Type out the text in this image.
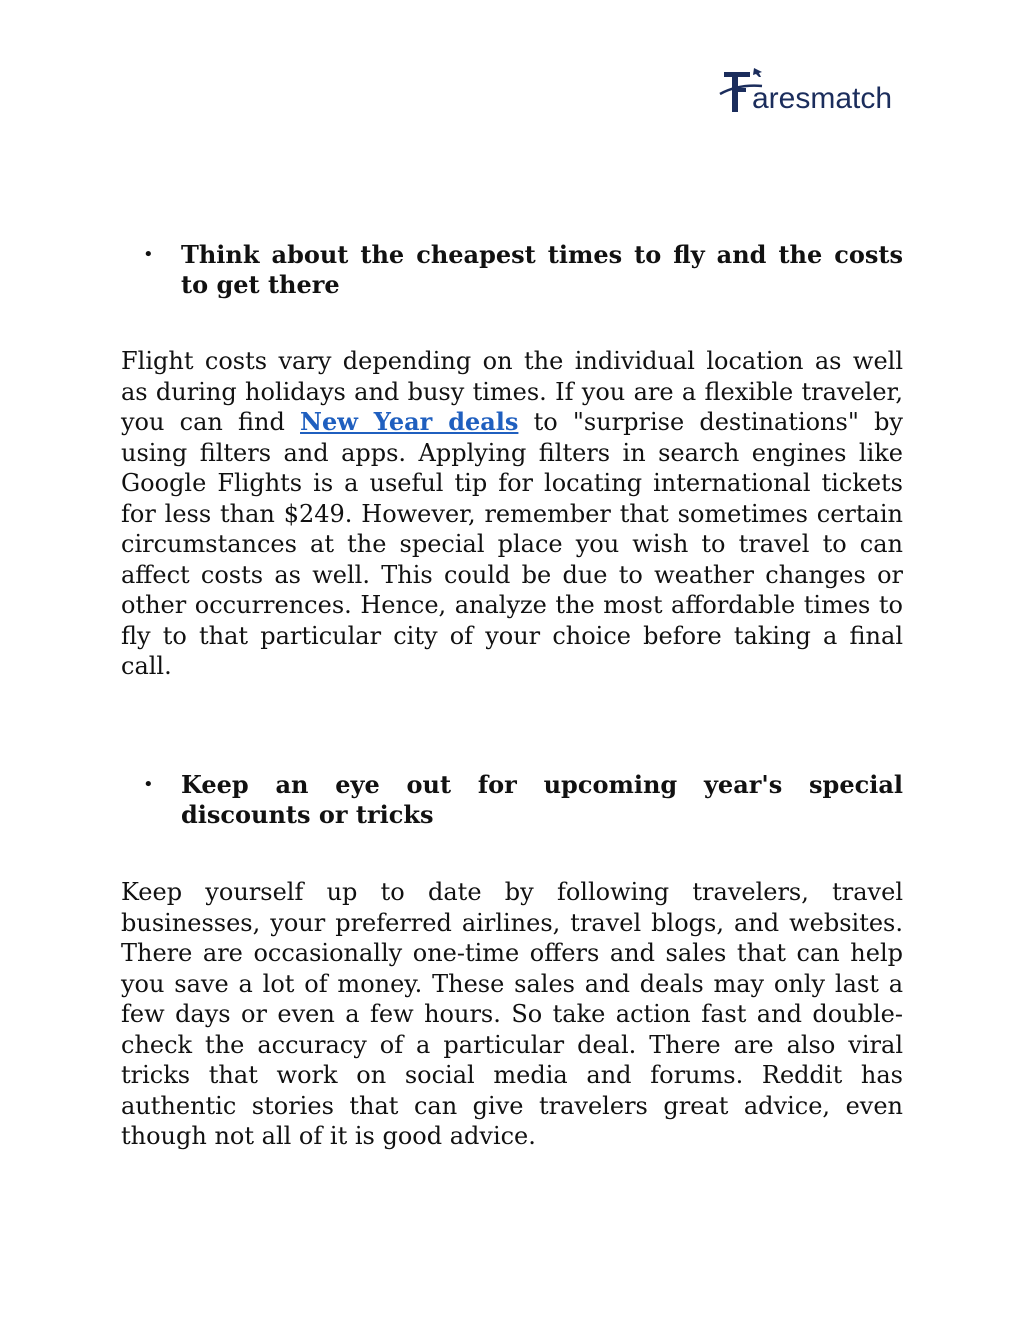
aresmatch
• Think about the cheapest times to fly and the costs to get there

Flight costs vary depending on the individual location as well as during holidays and busy times. If you are a flexible traveler, you can find New Year deals to "surprise destinations" by using filters and apps. Applying filters in search engines like Google Flights is a useful tip for locating international tickets for less than $249. However, remember that sometimes certain circumstances at the special place you wish to travel to can affect costs as well. This could be due to weather changes or other occurrences. Hence, analyze the most affordable times to fly to that particular city of your choice before taking a final call.

• Keep an eye out for upcoming year's special discounts or tricks

Keep yourself up to date by following travelers, travel businesses, your preferred airlines, travel blogs, and websites. There are occasionally one-time offers and sales that can help you save a lot of money. These sales and deals may only last a few days or even a few hours. So take action fast and double-check the accuracy of a particular deal. There are also viral tricks that work on social media and forums. Reddit has authentic stories that can give travelers great advice, even though not all of it is good advice.
